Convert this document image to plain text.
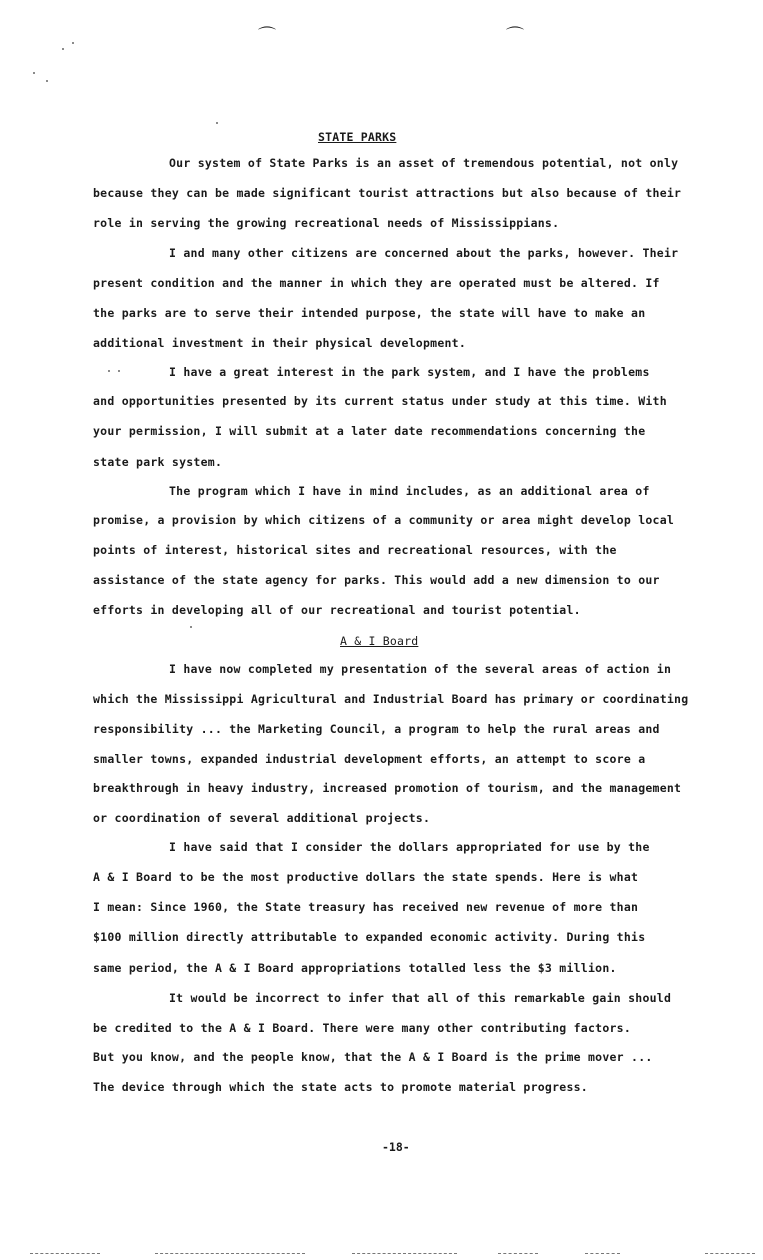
⌒	⌒
STATE PARKS
A & I Board
Our system of State Parks is an asset of tremendous potential, not only
because they can be made significant tourist attractions but also because of their
role in serving the growing recreational needs of Mississippians.
I and many other citizens are concerned about the parks, however. Their
present condition and the manner in which they are operated must be altered. If
the parks are to serve their intended purpose, the state will have to make an
additional investment in their physical development.
I have a great interest in the park system, and I have the problems
and opportunities presented by its current status under study at this time. With
your permission, I will submit at a later date recommendations concerning the
state park system.
The program which I have in mind includes, as an additional area of
promise, a provision by which citizens of a community or area might develop local
points of interest, historical sites and recreational resources, with the
assistance of the state agency for parks. This would add a new dimension to our
efforts in developing all of our recreational and tourist potential.
I have now completed my presentation of the several areas of action in
which the Mississippi Agricultural and Industrial Board has primary or coordinating
responsibility ... the Marketing Council, a program to help the rural areas and
smaller towns, expanded industrial development efforts, an attempt to score a
breakthrough in heavy industry, increased promotion of tourism, and the management
or coordination of several additional projects.
I have said that I consider the dollars appropriated for use by the
A & I Board to be the most productive dollars the state spends. Here is what
I mean: Since 1960, the State treasury has received new revenue of more than
$100 million directly attributable to expanded economic activity. During this
same period, the A & I Board appropriations totalled less the $3 million.
It would be incorrect to infer that all of this remarkable gain should
be credited to the A & I Board. There were many other contributing factors.
But you know, and the people know, that the A & I Board is the prime mover ...
The device through which the state acts to promote material progress.
-18-
